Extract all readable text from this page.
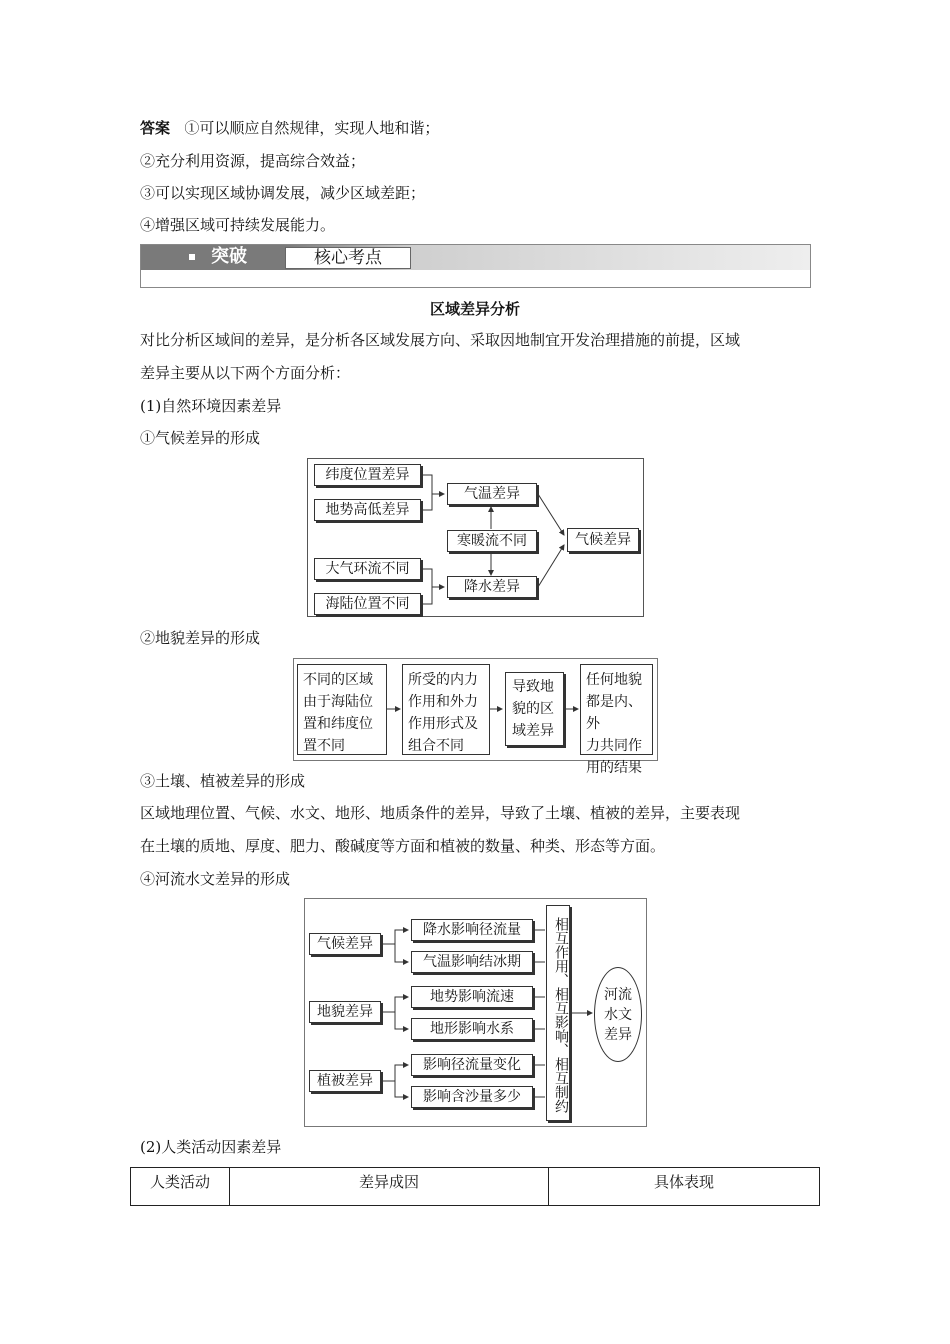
答案 ①可以顺应自然规律，实现人地和谐；
②充分利用资源，提高综合效益；
③可以实现区域协调发展，减少区域差距；
④增强区域可持续发展能力。
突破	核心考点
区域差异分析
对比分析区域间的差异，是分析各区域发展方向、采取因地制宜开发治理措施的前提，区域
差异主要从以下两个方面分析：
(1)自然环境因素差异
①气候差异的形成
纬度位置差异
地势高低差异
大气环流不同
海陆位置不同
气温差异
寒暖流不同
降水差异
气候差异
②地貌差异的形成
不同的区域
由于海陆位
置和纬度位
置不同
所受的内力
作用和外力
作用形式及
组合不同
导致地
貌的区
域差异
任何地貌
都是内、外
力共同作
用的结果
③土壤、植被差异的形成
区域地理位置、气候、水文、地形、地质条件的差异，导致了土壤、植被的差异，主要表现
在土壤的质地、厚度、肥力、酸碱度等方面和植被的数量、种类、形态等方面。
④河流水文差异的形成
气候差异
地貌差异
植被差异
降水影响径流量
气温影响结冰期
地势影响流速
地形影响水系
影响径流量变化
影响含沙量多少	相互作用、相互影响、相互制约	河流水文差异
(2)人类活动因素差异
人类活动	差异成因	具体表现
